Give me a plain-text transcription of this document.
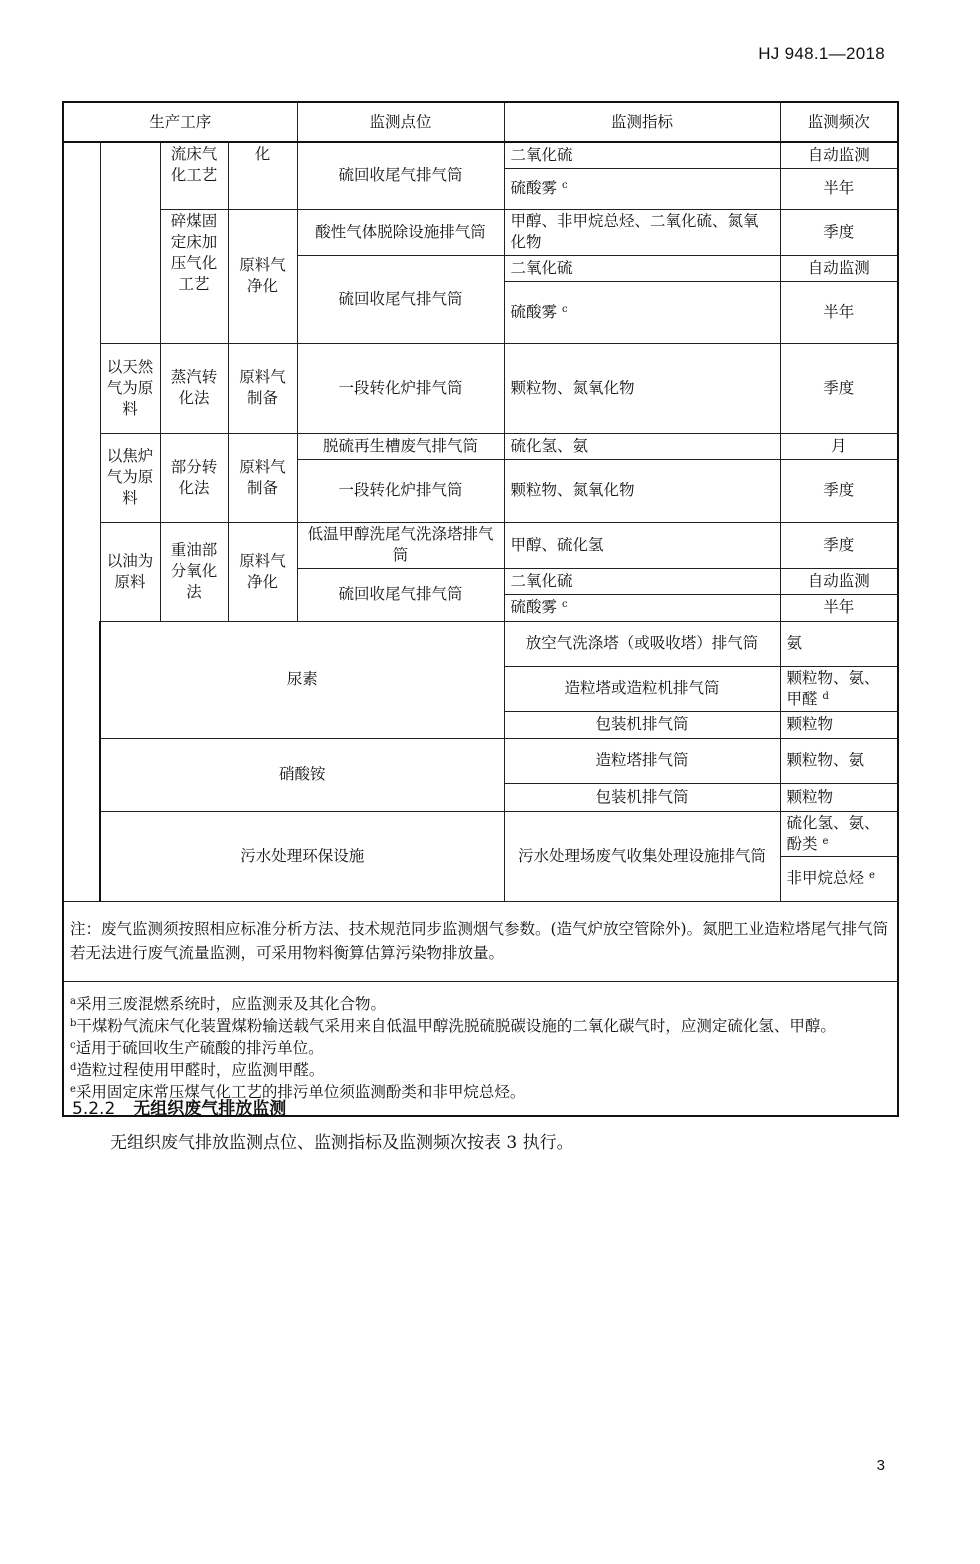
HJ 948.1—2018
生产工序				监测点位	监测指标	监测频次	
		流床气化工艺	化	硫回收尾气排气筒	二氧化硫	自动监测	
					硫酸雾 $^c$	半年	
		碎煤固定床加压气化工艺	原料气净化	酸性气体脱除设施排气筒	甲醇、非甲烷总烃、二氧化硫、氮氧化物	季度	
				硫回收尾气排气筒	二氧化硫	自动监测	
					硫酸雾 $^c$	半年	
	以天然气为原料	蒸汽转化法	原料气制备	一段转化炉排气筒	颗粒物、氮氧化物	季度	
	以焦炉气为原料	部分转化法	原料气制备	脱硫再生槽废气排气筒	硫化氢、氨	月	
				一段转化炉排气筒	颗粒物、氮氧化物	季度	
	以油为原料	重油部分氧化法	原料气净化	低温甲醇洗尾气洗涤塔排气筒	甲醇、硫化氢	季度	
				硫回收尾气排气筒	二氧化硫	自动监测	
					硫酸雾 $^c$	半年	
	尿素				放空气洗涤塔（或吸收塔）排气筒	氨	
					造粒塔或造粒机排气筒	颗粒物、氨、甲醛 $^d$	
					包装机排气筒	颗粒物	
	硝酸铵				造粒塔排气筒	颗粒物、氨	
					包装机排气筒	颗粒物	
	污水处理环保设施				污水处理场废气收集处理设施排气筒	硫化氢、氨、酚类 $^e$	
						非甲烷总烃 $^e$	
注：废气监测须按照相应标准分析方法、技术规范同步监测烟气参数。(造气炉放空管除外)。氮肥工业造粒塔尾气排气筒若无法进行废气流量监测，可采用物料衡算估算污染物排放量。							

$^a$采用三废混燃系统时，应监测汞及其化合物。
$^b$干煤粉气流床气化装置煤粉输送载气采用来自低温甲醇洗脱硫脱碳设施的二氧化碳气时，应测定硫化氢、甲醇。
$^c$适用于硫回收生产硫酸的排污单位。
$^d$造粒过程使用甲醛时，应监测甲醛。
$^e$采用固定床常压煤气化工艺的排污单位须监测酚类和非甲烷总烃。							
5.2.2 无组织废气排放监测
无组织废气排放监测点位、监测指标及监测频次按表 3 执行。
3
